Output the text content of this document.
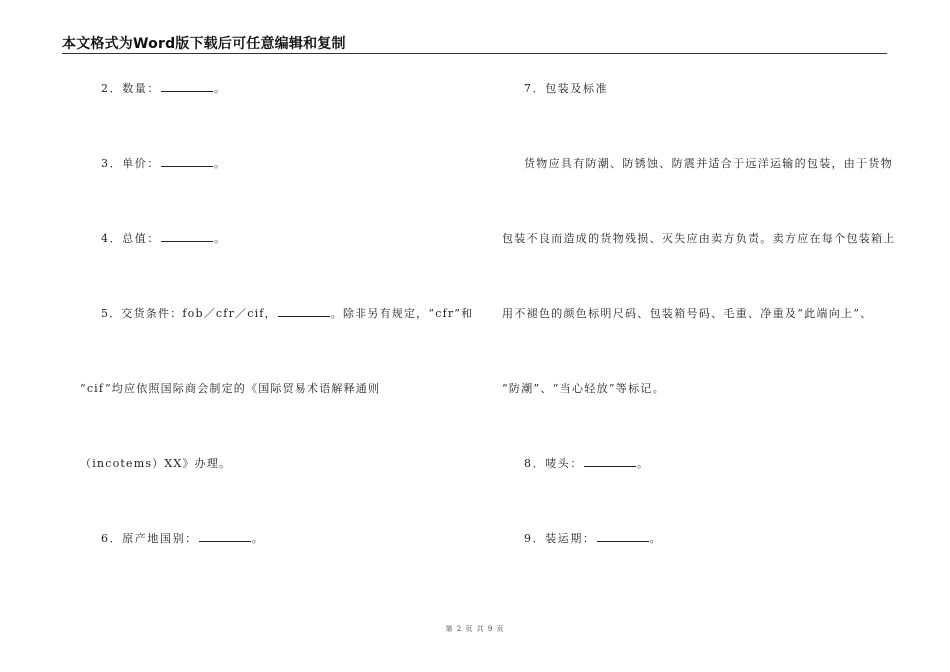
本文格式为Word版下载后可任意编辑和复制
2．数量：	。
3．单价：	。
4．总值：	。
5．交货条件：fob／cfr／cif，	。除非另有规定，“cfr”和
“cif”均应依照国际商会制定的《国际贸易术语解释通则
（incotems）XX》办理。
6．原产地国别：	。
7．包装及标准
货物应具有防潮、防锈蚀、防震并适合于远洋运输的包装，由于货物
包装不良而造成的货物残损、灭失应由卖方负责。卖方应在每个包装箱上
用不褪色的颜色标明尺码、包装箱号码、毛重、净重及“此端向上”、
“防潮”、“当心轻放”等标记。
8．唛头：	。
9．装运期：	。
第 2 页 共 9 页
